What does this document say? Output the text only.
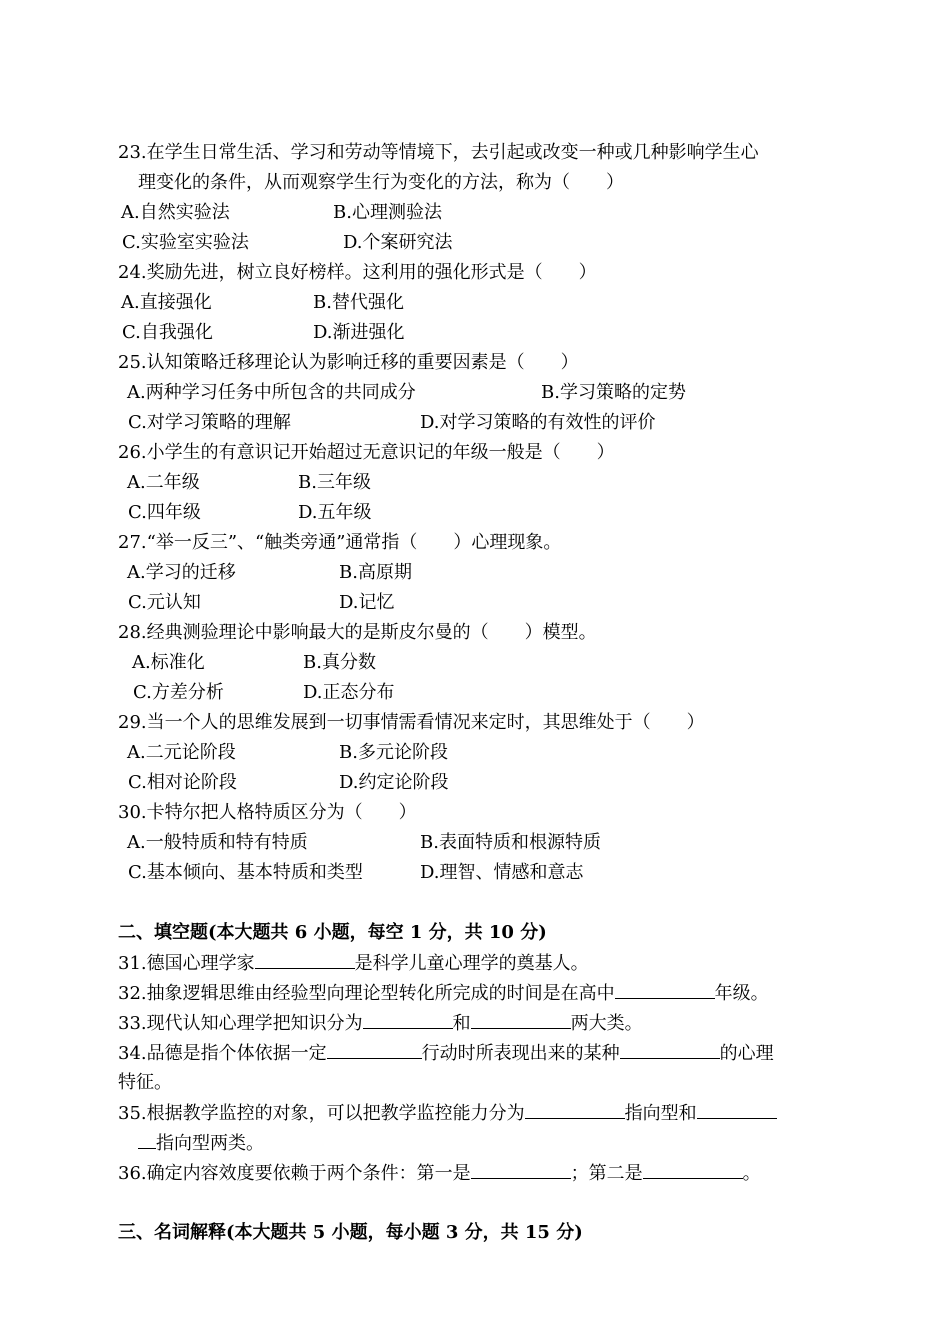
23.在学生日常生活、学习和劳动等情境下，去引起或改变一种或几种影响学生心
理变化的条件，从而观察学生行为变化的方法，称为（　　）
A.自然实验法	B.心理测验法
C.实验室实验法	D.个案研究法
24.奖励先进，树立良好榜样。这利用的强化形式是（　　）
A.直接强化	B.替代强化
C.自我强化	D.渐进强化
25.认知策略迁移理论认为影响迁移的重要因素是（　　）
A.两种学习任务中所包含的共同成分	B.学习策略的定势
C.对学习策略的理解	D.对学习策略的有效性的评价
26.小学生的有意识记开始超过无意识记的年级一般是（　　）
A.二年级	B.三年级
C.四年级	D.五年级
27.“举一反三”、“触类旁通”通常指（　　）心理现象。
A.学习的迁移	B.高原期
C.元认知	D.记忆
28.经典测验理论中影响最大的是斯皮尔曼的（　　）模型。
A.标准化	B.真分数
C.方差分析	D.正态分布
29.当一个人的思维发展到一切事情需看情况来定时，其思维处于（　　）
A.二元论阶段	B.多元论阶段
C.相对论阶段	D.约定论阶段
30.卡特尔把人格特质区分为（　　）
A.一般特质和特有特质	B.表面特质和根源特质
C.基本倾向、基本特质和类型	D.理智、情感和意志
二、填空题(本大题共 6 小题，每空 1 分，共 10 分)
31.德国心理学家	是科学儿童心理学的奠基人。
32.抽象逻辑思维由经验型向理论型转化所完成的时间是在高中	年级。
33.现代认知心理学把知识分为	和	两大类。
34.品德是指个体依据一定	行动时所表现出来的某种	的心理
特征。
35.根据教学监控的对象，可以把教学监控能力分为	指向型和
指向型两类。
36.确定内容效度要依赖于两个条件：第一是	；第二是	。
三、名词解释(本大题共 5 小题，每小题 3 分，共 15 分)
